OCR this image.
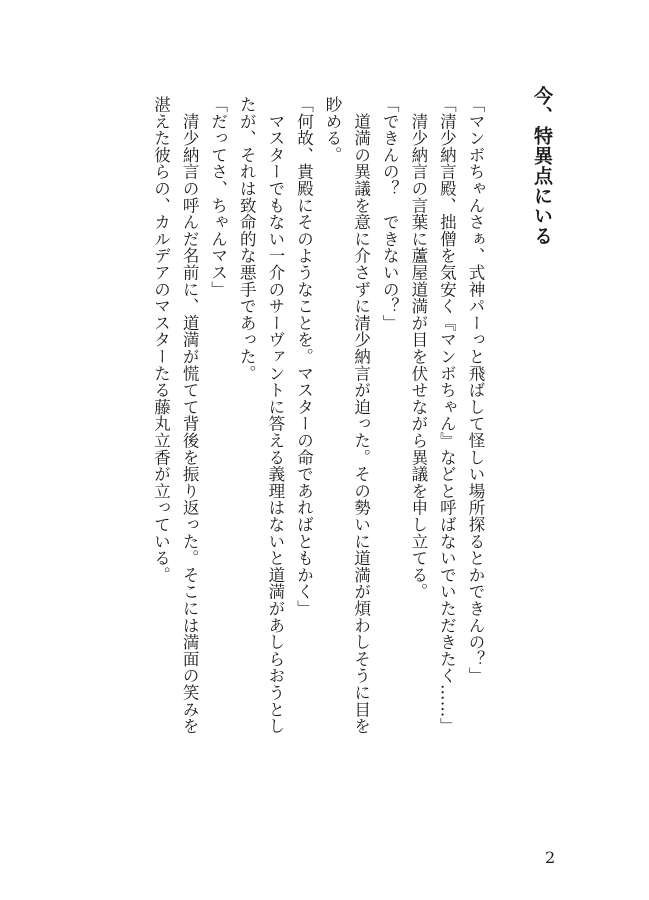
今、特異点にいる

「マンボちゃんさぁ、式神パーっと飛ばして怪しい場所探るとかできんの？」

「清少納言殿、拙僧を気安く『マンボちゃん』などと呼ばないでいただきたく……」

　清少納言の言葉に蘆屋道満が目を伏せながら異議を申し立てる。

「できんの？　できないの？」

　道満の異議を意に介さずに清少納言が迫った。その勢いに道満が煩わしそうに目を

眇める。

「何故、貴殿にそのようなことを。マスターの命であればともかく」

　マスターでもない一介のサーヴァントに答える義理はないと道満があしらおうとし

たが、それは致命的な悪手であった。

「だってさ、ちゃんマス」

　清少納言の呼んだ名前に、道満が慌てて背後を振り返った。そこには満面の笑みを

湛えた彼らの、カルデアのマスターたる藤丸立香が立っている。

2
